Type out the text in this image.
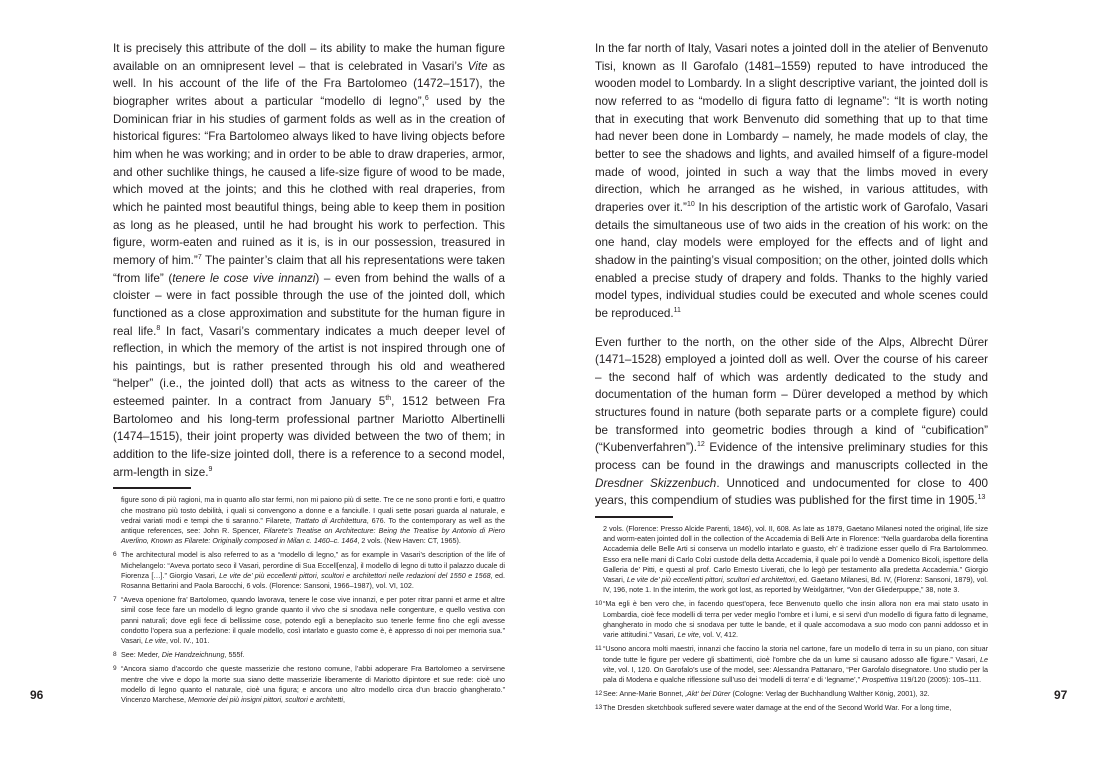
It is precisely this attribute of the doll – its ability to make the human figure available on an omnipresent level – that is celebrated in Vasari’s Vite as well. In his account of the life of the Fra Bartolomeo (1472–1517), the biographer writes about a particular “modello di legno”,$^6$ used by the Dominican friar in his studies of garment folds as well as in the creation of historical figures: “Fra Bartolomeo always liked to have living objects before him when he was working; and in order to be able to draw draperies, armor, and other suchlike things, he caused a life-size figure of wood to be made, which moved at the joints; and this he clothed with real draperies, from which he painted most beautiful things, being able to keep them in position as long as he pleased, until he had brought his work to perfection. This figure, worm-eaten and ruined as it is, is in our possession, treasured in memory of him.”$^7$ The painter’s claim that all his representations were taken “from life” (tenere le cose vive innanzi) – even from behind the walls of a cloister – were in fact possible through the use of the jointed doll, which functioned as a close approximation and substitute for the human figure in real life.$^8$ In fact, Vasari’s commentary indicates a much deeper level of reflection, in which the memory of the artist is not inspired through one of his paintings, but is rather presented through his old and weathered “helper” (i.e., the jointed doll) that acts as witness to the career of the esteemed painter. In a contract from January 5th, 1512 between Fra Bartolomeo and his long-term professional partner Mariotto Albertinelli (1474–1515), their joint property was divided between the two of them; in addition to the life-size jointed doll, there is a reference to a second model, arm-length in size.$^9$

figure sono di più ragioni, ma in quanto allo star fermi, non mi paiono più di sette. Tre ce ne sono pronti e forti, e quattro che mostrano più tosto debilità, i quali si convengono a donne e a fanciulle. I quali sette posari guarda al naturale, e vedrai variati modi e tempi che ti saranno.” Filarete, Trattato di Architettura, 676. To the contemporary as well as the antique references, see: John R. Spencer, Filarete’s Treatise on Architecture: Being the Treatise by Antonio di Piero Averlino, Known as Filarete: Originally composed in Milan c. 1460–c. 1464, 2 vols. (New Haven: CT, 1965).

6 The architectural model is also referred to as a “modello di legno,” as for example in Vasari’s description of the life of Michelangelo: “Aveva portato seco il Vasari, perordine di Sua Eccell[enza], il modello di legno di tutto il palazzo ducale di Fiorenza […].” Giorgio Vasari, Le vite de’ più eccellenti pittori, scultori e architettori nelle redazioni del 1550 e 1568, ed. Rosanna Bettarini and Paola Barocchi, 6 vols. (Florence: Sansoni, 1966–1987), vol. VI, 102.

7 “Aveva openione fra’ Bartolomeo, quando lavorava, tenere le cose vive innanzi, e per poter ritrar panni et arme et altre simil cose fece fare un modello di legno grande quanto il vivo che si snodava nelle congenture, e quello vestiva con panni naturali; dove egli fece di bellissime cose, potendo egli a beneplacito suo tenerle ferme fino che egli avesse condotto l’opera sua a perfezione: il quale modello, così intarlato e guasto come è, è appresso di noi per memoria sua.” Vasari, Le vite, vol. IV., 101.

8 See: Meder, Die Handzeichnung, 555f.

9 “Ancora siamo d’accordo che queste masserizie che restono comune, l’abbi adoperare Fra Bartolomeo a servirsene mentre che vive e dopo la morte sua siano dette masserizie liberamente di Mariotto dipintore et sue rede: cioè uno modello di legno quanto el naturale, cioè una figura; e ancora uno altro modello circa d’un braccio ghangherato.” Vincenzo Marchese, Memorie dei più insigni pittori, scultori e architetti,

96

In the far north of Italy, Vasari notes a jointed doll in the atelier of Benvenuto Tisi, known as Il Garofalo (1481–1559) reputed to have introduced the wooden model to Lombardy. In a slight descriptive variant, the jointed doll is now referred to as “modello di figura fatto di legname”: “It is worth noting that in executing that work Benvenuto did something that up to that time had never been done in Lombardy – namely, he made models of clay, the better to see the shadows and lights, and availed himself of a figure-model made of wood, jointed in such a way that the limbs moved in every direction, which he arranged as he wished, in various attitudes, with draperies over it.”$^{10}$ In his description of the artistic work of Garofalo, Vasari details the simultaneous use of two aids in the creation of his work: on the one hand, clay models were employed for the effects and of light and shadow in the painting’s visual composition; on the other, jointed dolls which enabled a precise study of drapery and folds. Thanks to the highly varied model types, individual studies could be executed and whole scenes could be reproduced.$^{11}$

Even further to the north, on the other side of the Alps, Albrecht Dürer (1471–1528) employed a jointed doll as well. Over the course of his career – the second half of which was ardently dedicated to the study and documentation of the human form – Dürer developed a method by which structures found in nature (both separate parts or a complete figure) could be transformed into geometric bodies through a kind of “cubification” (“Kubenverfahren”).$^{12}$ Evidence of the intensive preliminary studies for this process can be found in the drawings and manuscripts collected in the Dresdner Skizzenbuch. Unnoticed and undocumented for close to 400 years, this compendium of studies was published for the first time in 1905.13

2 vols. (Florence: Presso Alcide Parenti, 1846), vol. II, 608. As late as 1879, Gaetano Milanesi noted the original, life size and worm-eaten jointed doll in the collection of the Accademia di Belli Arte in Florence: “Nella guardaroba della fiorentina Accademia delle Belle Arti si conserva un modello intarlato e guasto, eh’ è tradizione esser quello di Fra Bartolommeo. Esso era nelle mani di Carlo Colzi custode della detta Accademia, il quale poi lo vendè a Domenico Bicoli, ispettore della Galleria de’ Pitti, e questi al prof. Carlo Ernesto Liverati, che lo legò per testamento alla predetta Accademia.” Giorgio Vasari, Le vite de’ più eccellenti pittori, scultori ed architettori, ed. Gaetano Milanesi, Bd. IV, (Florenz: Sansoni, 1879), vol. IV, 196, note 1. In the interim, the work got lost, as reported by Weixlgärtner, “Von der Gliederpuppe,” 38, note 3.

10 “Ma egli è ben vero che, in facendo quest’opera, fece Benvenuto quello che insin allora non era mai stato usato in Lombardia, cioè fece modelli di terra per veder meglio l’ombre et i lumi, e si servì d’un modello di figura fatto di legname, ghangherato in modo che si snodava per tutte le bande, et il quale accomodava a suo modo con panni addosso et in varie attitudini.” Vasari, Le vite, vol. V, 412.

11 “Usono ancora molti maestri, innanzi che faccino la storia nel cartone, fare un modello di terra in su un piano, con situar tonde tutte le figure per vedere gli sbattimenti, cioè l’ombre che da un lume si causano adosso alle figure.” Vasari, Le vite, vol. I, 120. On Garofalo’s use of the model, see: Alessandra Pattanaro, “Per Garofalo disegnatore. Uno studio per la pala di Modena e qualche riflessione sull’uso dei ‘modelli di terra’ e di ‘legname’,” Prospettiva 119/120 (2005): 105–111.

12 See: Anne-Marie Bonnet, ‚Akt‘ bei Dürer (Cologne: Verlag der Buchhandlung Walther König, 2001), 32.

13 The Dresden sketchbook suffered severe water damage at the end of the Second World War. For a long time,

97
